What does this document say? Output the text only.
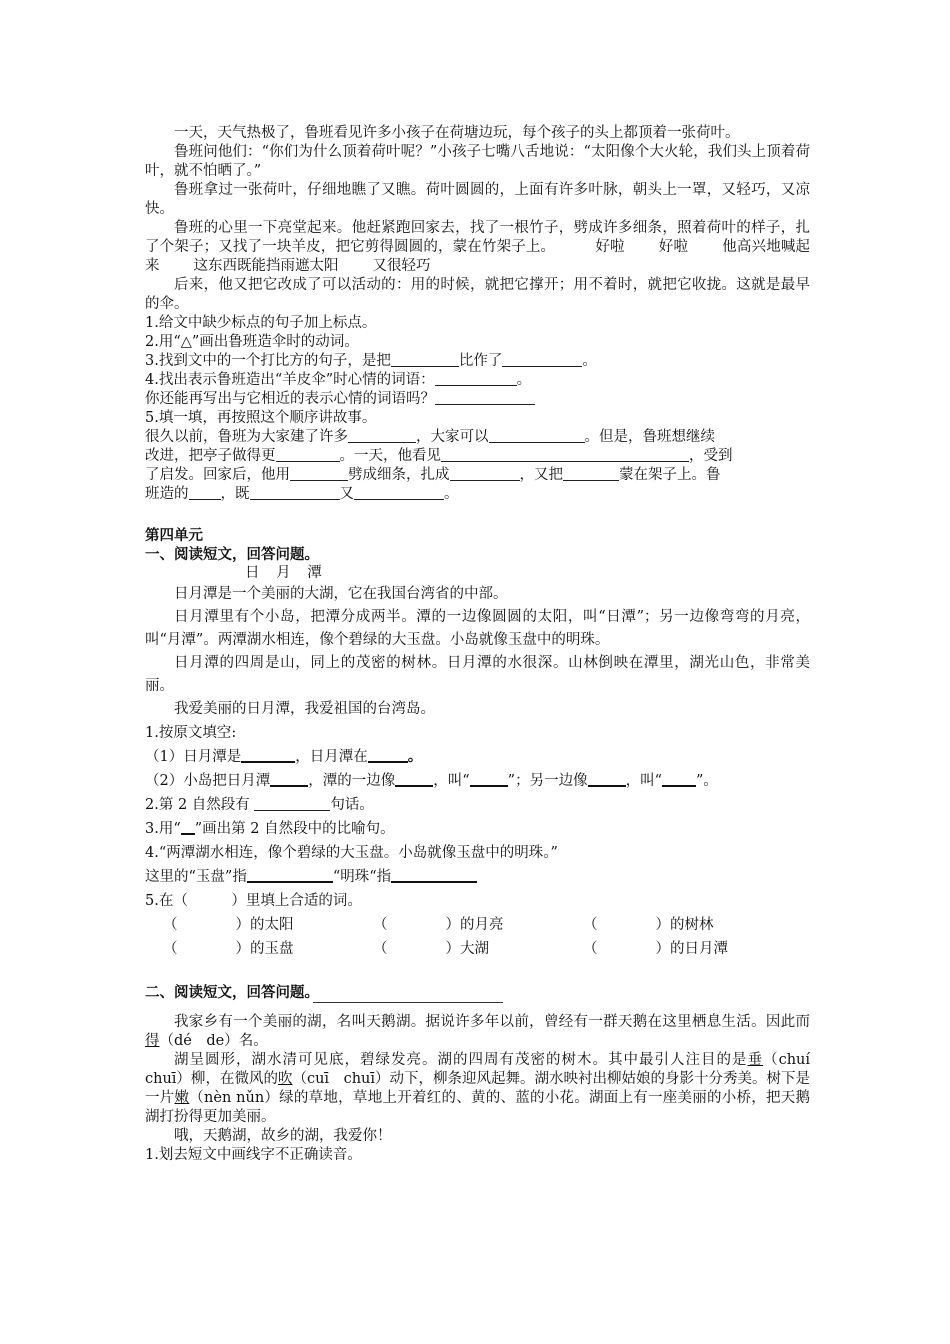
一天，天气热极了，鲁班看见许多小孩子在荷塘边玩，每个孩子的头上都顶着一张荷叶。

鲁班问他们：“你们为什么顶着荷叶呢？”小孩子七嘴八舌地说：“太阳像个大火轮，我们头上顶着荷叶，就不怕晒了。”

鲁班拿过一张荷叶，仔细地瞧了又瞧。荷叶圆圆的，上面有许多叶脉，朝头上一罩，又轻巧，又凉快。

鲁班的心里一下亮堂起来。他赶紧跑回家去，找了一根竹子，劈成许多细条，照着荷叶的样子，扎了个架子；又找了一块羊皮，把它剪得圆圆的，蒙在竹架子上。	好啦 好啦 他高兴地喊起来 这东西既能挡雨遮太阳 又很轻巧

后来，他又把它改成了可以活动的：用的时候，就把它撑开；用不着时，就把它收拢。这就是最早的伞。

1.给文中缺少标点的句子加上标点。

2.用“△”画出鲁班造伞时的动词。

3.找到文中的一个打比方的句子，是把	比作了	。

4.找出表示鲁班造出“羊皮伞”时心情的词语：	。

你还能再写出与它相近的表示心情的词语吗？

5.填一填，再按照这个顺序讲故事。

很久以前，鲁班为大家建了许多	，大家可以	。但是，鲁班想继续

改进，把亭子做得更	。一天，他看见	，受到

了启发。回家后，他用	劈成细条，扎成	，又把	蒙在架子上。鲁

班造的 ，既	又	。

第四单元

一、阅读短文，回答问题。

日 月 潭

日月潭是一个美丽的大湖，它在我国台湾省的中部。

日月潭里有个小岛，把潭分成两半。潭的一边像圆圆的太阳，叫“日潭”；另一边像弯弯的月亮，叫“月潭”。两潭湖水相连，像个碧绿的大玉盘。小岛就像玉盘中的明珠。

日月潭的四周是山，同上的茂密的树林。日月潭的水很深。山林倒映在潭里，湖光山色，非常美丽。

我爱美丽的日月潭，我爱祖国的台湾岛。

1.按原文填空:

（1）日月潭是	，日月潭在	。

（2）小岛把日月潭	，潭的一边像	，叫“	”；另一边像	，叫“ ”。

2.第 2 自然段有	句话。

3.用“ ”画出第 2 自然段中的比喻句。

4.“两潭湖水相连，像个碧绿的大玉盘。小岛就像玉盘中的明珠。”

这里的“玉盘”指	“明珠“指

5.在（　　　）里填上合适的词。

（　　　　）的太阳	（　　　　）的月亮	（　　　　）的树林
（　　　　）的玉盘	（　　　　）大湖	（　　　　）的日月潭

二、阅读短文，回答问题。

我家乡有一个美丽的湖，名叫天鹅湖。据说许多年以前，曾经有一群天鹅在这里栖息生活。因此而得（dé　de）名。

湖呈圆形，湖水清可见底，碧绿发亮。湖的四周有茂密的树木。其中最引人注目的是垂（chuí　chuī）柳，在微风的吹（cuī　chuī）动下，柳条迎风起舞。湖水映衬出柳姑娘的身影十分秀美。树下是一片嫩（nèn nǔn）绿的草地，草地上开着红的、黄的、蓝的小花。湖面上有一座美丽的小桥，把天鹅湖打扮得更加美丽。

哦，天鹅湖，故乡的湖，我爱你！

1.划去短文中画线字不正确读音。
